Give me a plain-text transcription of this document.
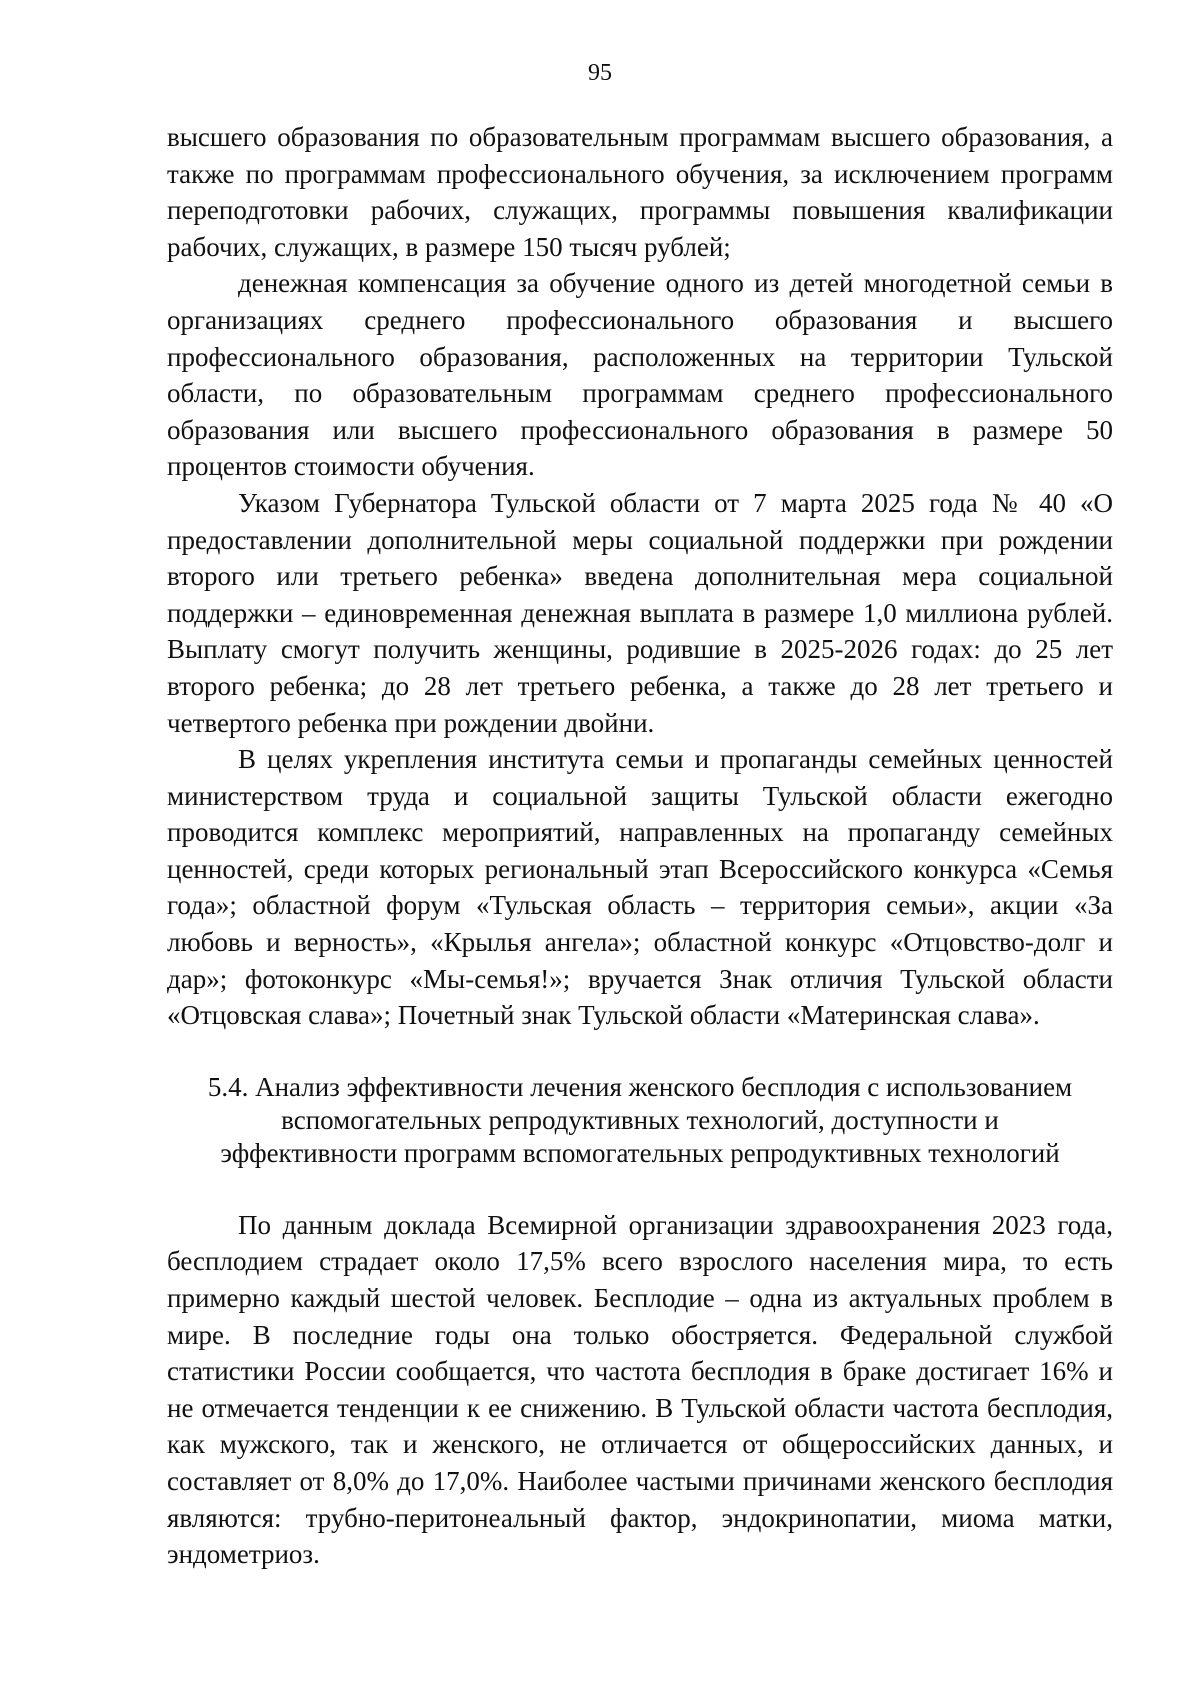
95

высшего образования по образовательным программам высшего образования, а также по программам профессионального обучения, за исключением программ переподготовки рабочих, служащих, программы повышения квалификации рабочих, служащих, в размере 150 тысяч рублей;

денежная компенсация за обучение одного из детей многодетной семьи в организациях среднего профессионального образования и высшего профессионального образования, расположенных на территории Тульской области, по образовательным программам среднего профессионального образования или высшего профессионального образования в размере 50 процентов стоимости обучения.

Указом Губернатора Тульской области от 7 марта 2025 года № 40 «О предоставлении дополнительной меры социальной поддержки при рождении второго или третьего ребенка» введена дополнительная мера социальной поддержки – единовременная денежная выплата в размере 1,0 миллиона рублей. Выплату смогут получить женщины, родившие в 2025-2026 годах: до 25 лет второго ребенка; до 28 лет третьего ребенка, а также до 28 лет третьего и четвертого ребенка при рождении двойни.

В целях укрепления института семьи и пропаганды семейных ценностей министерством труда и социальной защиты Тульской области ежегодно проводится комплекс мероприятий, направленных на пропаганду семейных ценностей, среди которых региональный этап Всероссийского конкурса «Семья года»; областной форум «Тульская область – территория семьи», акции «За любовь и верность», «Крылья ангела»; областной конкурс «Отцовство-долг и дар»; фотоконкурс «Мы-семья!»; вручается Знак отличия Тульской области «Отцовская слава»; Почетный знак Тульской области «Материнская слава».

5.4. Анализ эффективности лечения женского бесплодия с использованием
вспомогательных репродуктивных технологий, доступности и
эффективности программ вспомогательных репродуктивных технологий

По данным доклада Всемирной организации здравоохранения 2023 года, бесплодием страдает около 17,5% всего взрослого населения мира, то есть примерно каждый шестой человек. Бесплодие – одна из актуальных проблем в мире. В последние годы она только обостряется. Федеральной службой статистики России сообщается, что частота бесплодия в браке достигает 16% и не отмечается тенденции к ее снижению. В Тульской области частота бесплодия, как мужского, так и женского, не отличается от общероссийских данных, и составляет от 8,0% до 17,0%. Наиболее частыми причинами женского бесплодия являются: трубно-перитонеальный фактор, эндокринопатии, миома матки, эндометриоз.
